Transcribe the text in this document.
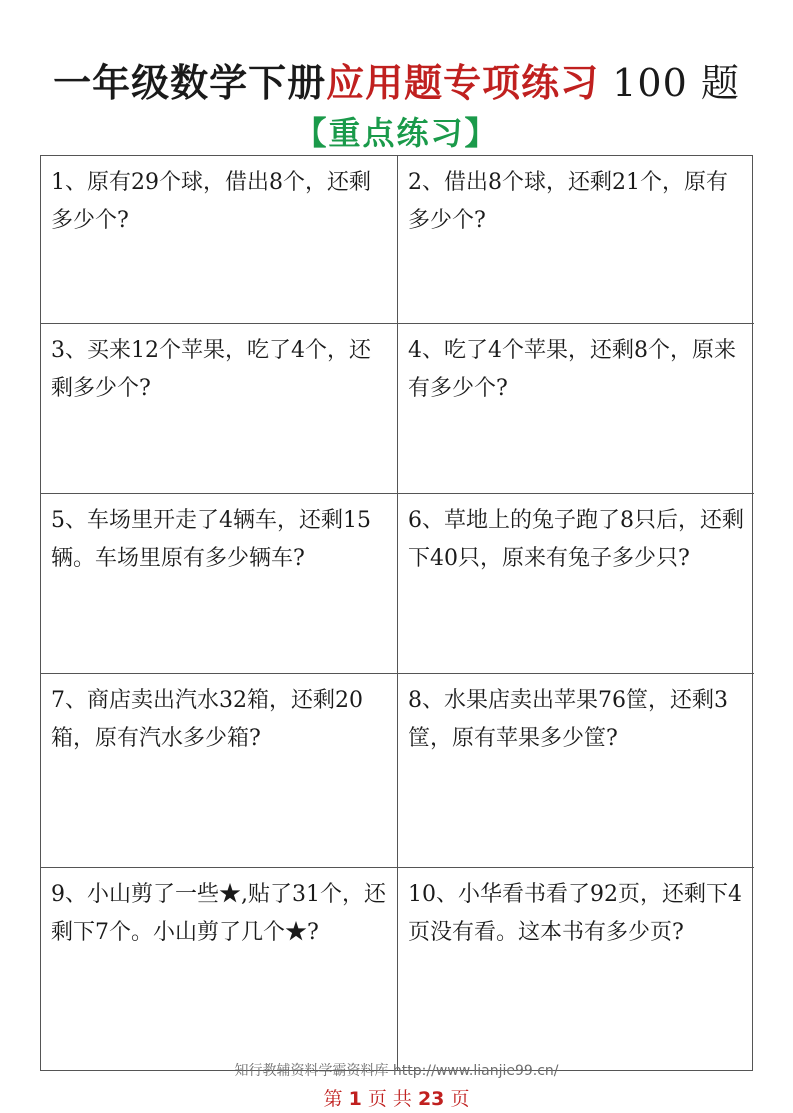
一年级数学下册应用题专项练习 100 题
【重点练习】
1、原有29个球，借出8个，还剩多少个?
2、借出8个球，还剩21个，原有多少个?
3、买来12个苹果，吃了4个，还剩多少个?
4、吃了4个苹果，还剩8个，原来有多少个?
5、车场里开走了4辆车，还剩15辆。车场里原有多少辆车?
6、草地上的兔子跑了8只后，还剩下40只，原来有兔子多少只?
7、商店卖出汽水32箱，还剩20箱，原有汽水多少箱?
8、水果店卖出苹果76筐，还剩3筐，原有苹果多少筐?
9、小山剪了一些★,贴了31个，还剩下7个。小山剪了几个★?
10、小华看书看了92页，还剩下4页没有看。这本书有多少页?
知行教辅资料学霸资料库 http://www.lianjie99.cn/
第 1 页 共 23 页
